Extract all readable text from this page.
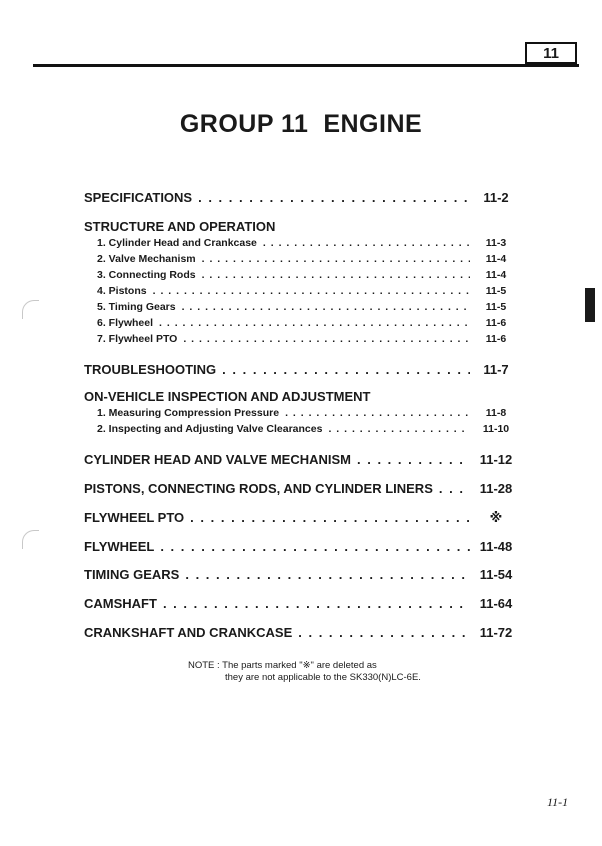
11
GROUP 11  ENGINE
SPECIFICATIONS . . .	11-2
STRUCTURE AND OPERATION
1. Cylinder Head and Crankcase . . .	11-3
2. Valve Mechanism . . .	11-4
3. Connecting Rods . . .	11-4
4. Pistons . . .	11-5
5. Timing Gears . . .	11-5
6. Flywheel . . .	11-6
7. Flywheel PTO . . .	11-6
TROUBLESHOOTING . . .	11-7
ON-VEHICLE INSPECTION AND ADJUSTMENT
1. Measuring Compression Pressure . . .	11-8
2. Inspecting and Adjusting Valve Clearances . . .	11-10
CYLINDER HEAD AND VALVE MECHANISM . . .	11-12
PISTONS, CONNECTING RODS, AND CYLINDER LINERS . . .	11-28
FLYWHEEL PTO . . .	※
FLYWHEEL . . .	11-48
TIMING GEARS . . .	11-54
CAMSHAFT . . .	11-64
CRANKSHAFT AND CRANKCASE . . .	11-72
NOTE : The parts marked "※" are deleted as
they are not applicable to the SK330(N)LC-6E.
11-1
